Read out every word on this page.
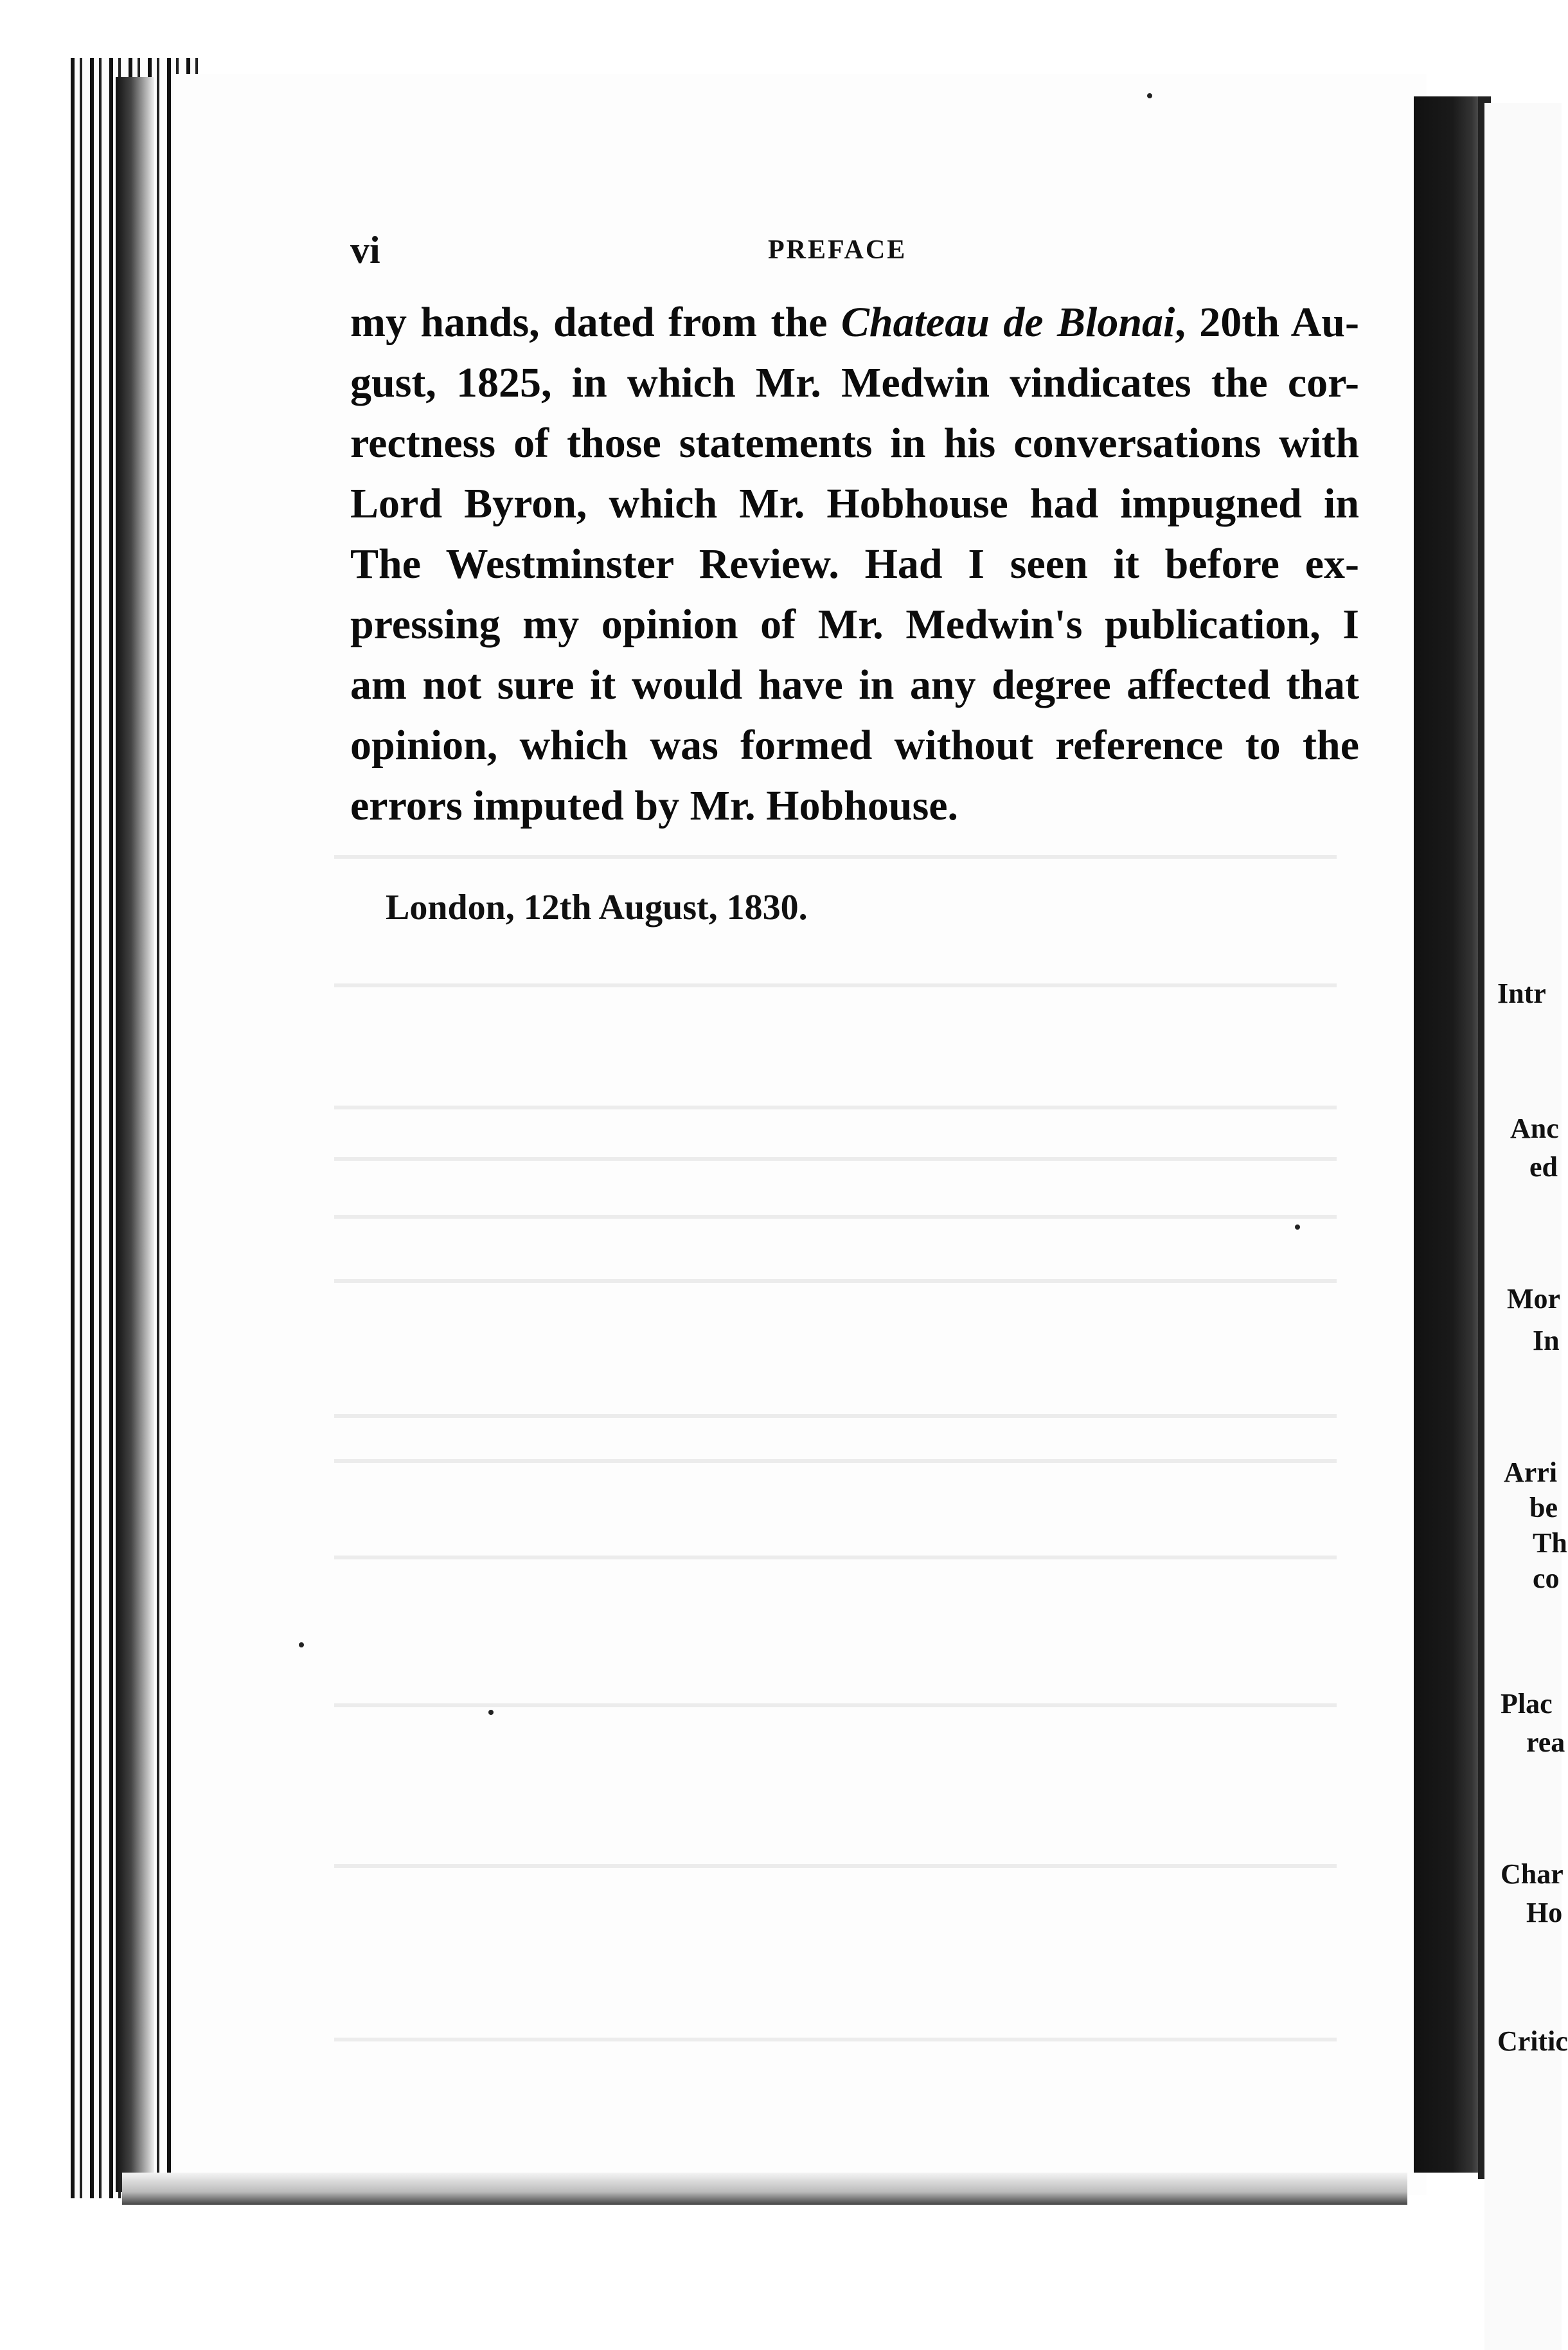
vi	PREFACE
my hands, dated from the Chateau de Blonai, 20th Au-
gust, 1825, in which Mr. Medwin vindicates the cor-
rectness of those statements in his conversations with
Lord Byron, which Mr. Hobhouse had impugned in
The Westminster Review. Had I seen it before ex-
pressing my opinion of Mr. Medwin's publication, I
am not sure it would have in any degree affected that
opinion, which was formed without reference to the
errors imputed by Mr. Hobhouse.
London, 12th August, 1830.
Intr
Anc
ed
Mor
In
Arri
be
Th
co
Plac
rea
Char
Ho
Critic
